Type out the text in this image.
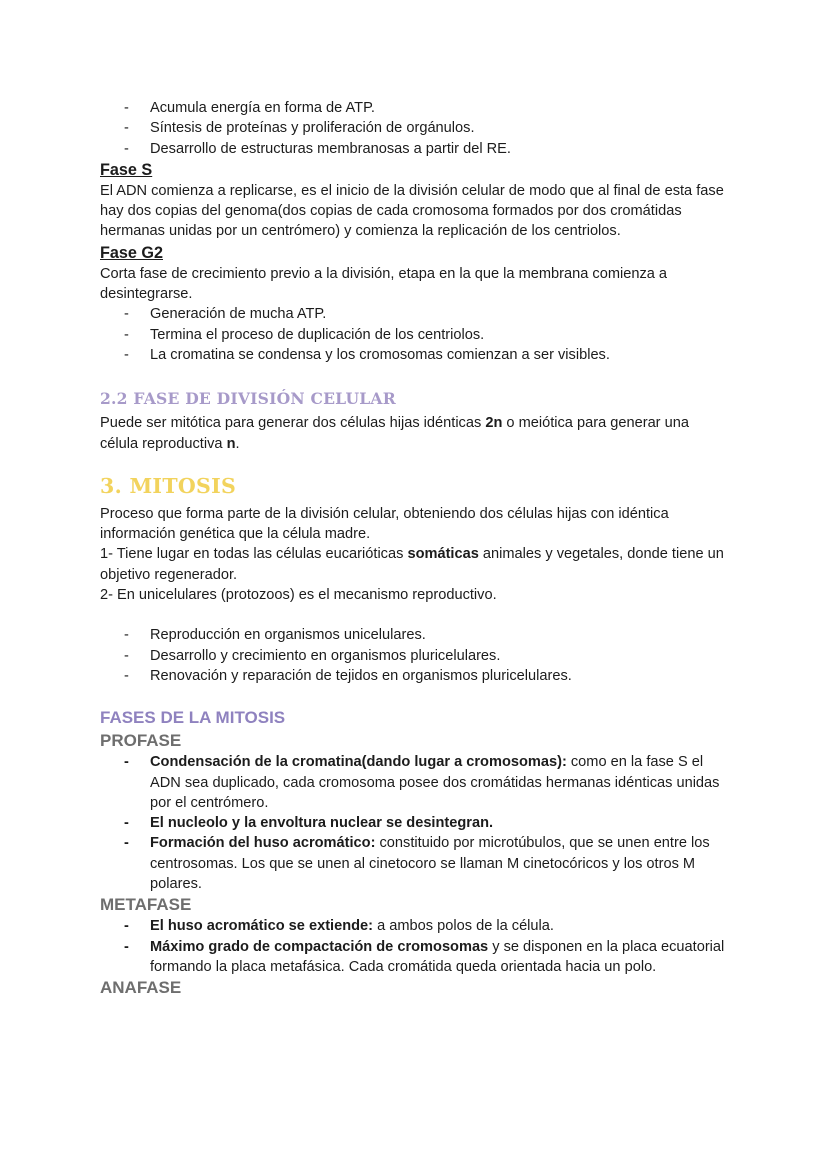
- Acumula energía en forma de ATP.
- Síntesis de proteínas y proliferación de orgánulos.
- Desarrollo de estructuras membranosas a partir del RE.
Fase S

El ADN comienza a replicarse, es el inicio de la división celular de modo que al final de esta fase hay dos copias del genoma(dos copias de cada cromosoma formados por dos cromátidas hermanas unidas por un centrómero) y comienza la replicación de los centriolos.

Fase G2

Corta fase de crecimiento previo a la división, etapa en la que la membrana comienza a desintegrarse.

- Generación de mucha ATP.
- Termina el proceso de duplicación de los centriolos.
- La cromatina se condensa y los cromosomas comienzan a ser visibles.
2.2 FASE DE DIVISIÓN CELULAR

Puede ser mitótica para generar dos células hijas idénticas 2n o meiótica para generar una célula reproductiva n.

3. MITOSIS

Proceso que forma parte de la división celular, obteniendo dos células hijas con idéntica información genética que la célula madre.

1- Tiene lugar en todas las células eucarióticas somáticas animales y vegetales, donde tiene un objetivo regenerador.

2- En unicelulares (protozoos) es el mecanismo reproductivo.

- Reproducción en organismos unicelulares.
- Desarrollo y crecimiento en organismos pluricelulares.
- Renovación y reparación de tejidos en organismos pluricelulares.
FASES DE LA MITOSIS
PROFASE
- Condensación de la cromatina(dando lugar a cromosomas): como en la fase S el ADN sea duplicado, cada cromosoma posee dos cromátidas hermanas idénticas unidas por el centrómero.
- El nucleolo y la envoltura nuclear se desintegran.
- Formación del huso acromático: constituido por microtúbulos, que se unen entre los centrosomas. Los que se unen al cinetocoro se llaman M cinetocóricos y los otros M polares.
METAFASE
- El huso acromático se extiende: a ambos polos de la célula.
- Máximo grado de compactación de cromosomas y se disponen en la placa ecuatorial formando la placa metafásica. Cada cromátida queda orientada hacia un polo.
ANAFASE
